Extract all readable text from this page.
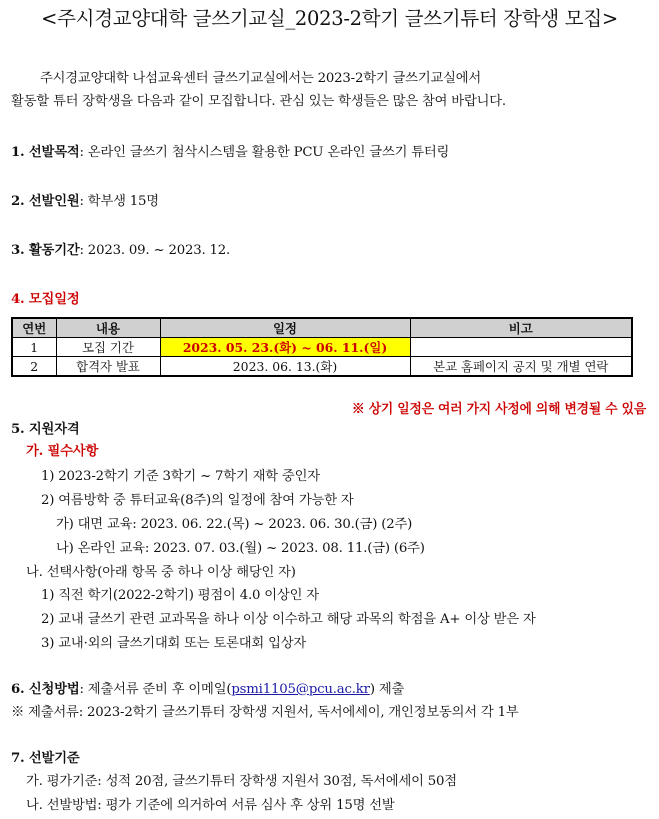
<주시경교양대학 글쓰기교실_2023-2학기 글쓰기튜터 장학생 모집>
주시경교양대학 나섬교육센터 글쓰기교실에서는 2023-2학기 글쓰기교실에서
활동할 튜터 장학생을 다음과 같이 모집합니다. 관심 있는 학생들은 많은 참여 바랍니다.
1. 선발목적: 온라인 글쓰기 첨삭시스템을 활용한 PCU 온라인 글쓰기 튜터링
2. 선발인원: 학부생 15명
3. 활동기간: 2023. 09. ~ 2023. 12.
4. 모집일정
연번	내용	일정	비고
1	모집 기간	2023. 05. 23.(화) ~ 06. 11.(일)	
2	합격자 발표	2023. 06. 13.(화)	본교 홈페이지 공지 및 개별 연락
※ 상기 일정은 여러 가지 사정에 의해 변경될 수 있음
5. 지원자격
가. 필수사항
1) 2023-2학기 기준 3학기 ~ 7학기 재학 중인자
2) 여름방학 중 튜터교육(8주)의 일정에 참여 가능한 자
가) 대면 교육: 2023. 06. 22.(목) ~ 2023. 06. 30.(금) (2주)
나) 온라인 교육: 2023. 07. 03.(월) ~ 2023. 08. 11.(금) (6주)
나. 선택사항(아래 항목 중 하나 이상 해당인 자)
1) 직전 학기(2022-2학기) 평점이 4.0 이상인 자
2) 교내 글쓰기 관련 교과목을 하나 이상 이수하고 해당 과목의 학점을 A+ 이상 받은 자
3) 교내·외의 글쓰기대회 또는 토론대회 입상자
6. 신청방법: 제출서류 준비 후 이메일(psmi1105@pcu.ac.kr) 제출
※ 제출서류: 2023-2학기 글쓰기튜터 장학생 지원서, 독서에세이, 개인정보동의서 각 1부
7. 선발기준
가. 평가기준: 성적 20점, 글쓰기튜터 장학생 지원서 30점, 독서에세이 50점
나. 선발방법: 평가 기준에 의거하여 서류 심사 후 상위 15명 선발
